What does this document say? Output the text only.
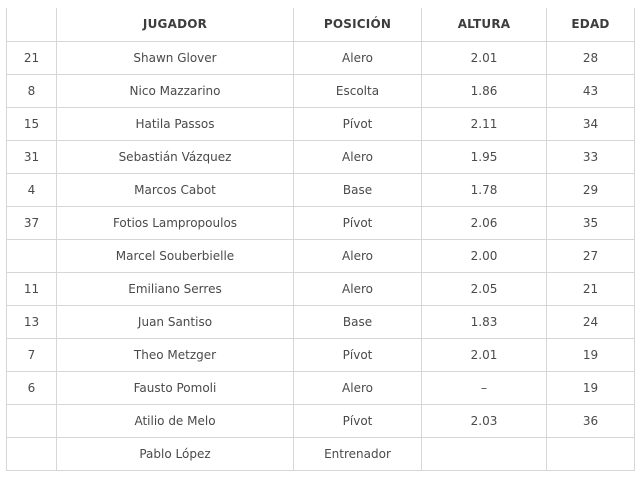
	JUGADOR	POSICIÓN	ALTURA	EDAD
21	Shawn Glover	Alero	2.01	28
8	Nico Mazzarino	Escolta	1.86	43
15	Hatila Passos	Pívot	2.11	34
31	Sebastián Vázquez	Alero	1.95	33
4	Marcos Cabot	Base	1.78	29
37	Fotios Lampropoulos	Pívot	2.06	35
	Marcel Souberbielle	Alero	2.00	27
11	Emiliano Serres	Alero	2.05	21
13	Juan Santiso	Base	1.83	24
7	Theo Metzger	Pívot	2.01	19
6	Fausto Pomoli	Alero	–	19
	Atilio de Melo	Pívot	2.03	36
	Pablo López	Entrenador		
